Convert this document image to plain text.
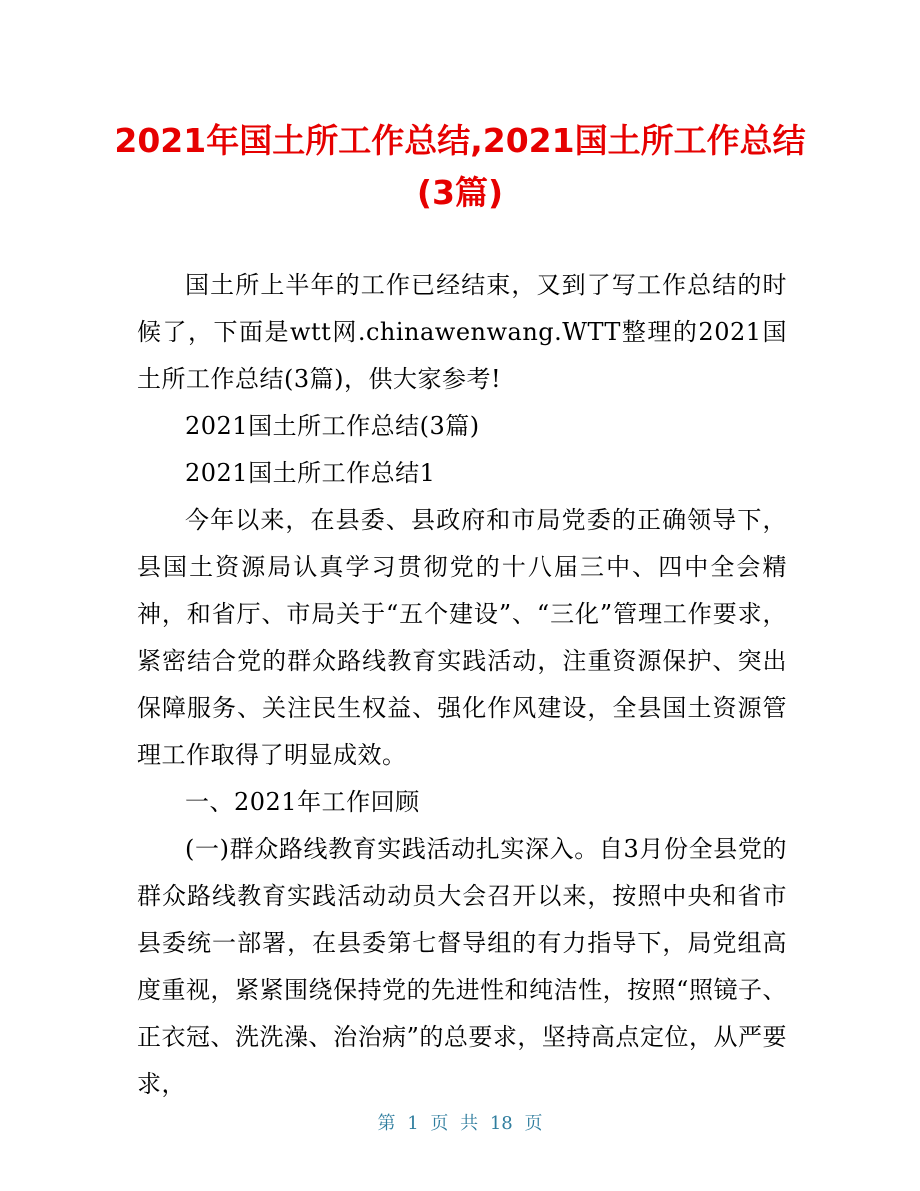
2021年国土所工作总结,2021国土所工作总结(3篇)

国土所上半年的工作已经结束，又到了写工作总结的时候了，下面是wtt网.chinawenwang.WTT整理的2021国土所工作总结(3篇)，供大家参考!

2021国土所工作总结(3篇)

2021国土所工作总结1

今年以来，在县委、县政府和市局党委的正确领导下，县国土资源局认真学习贯彻党的十八届三中、四中全会精神，和省厅、市局关于“五个建设”、“三化”管理工作要求，紧密结合党的群众路线教育实践活动，注重资源保护、突出保障服务、关注民生权益、强化作风建设，全县国土资源管理工作取得了明显成效。

一、2021年工作回顾

(一)群众路线教育实践活动扎实深入。自3月份全县党的群众路线教育实践活动动员大会召开以来，按照中央和省市县委统一部署，在县委第七督导组的有力指导下，局党组高度重视，紧紧围绕保持党的先进性和纯洁性，按照“照镜子、正衣冠、洗洗澡、治治病”的总要求，坚持高点定位，从严要求，

第 1 页 共 18 页
